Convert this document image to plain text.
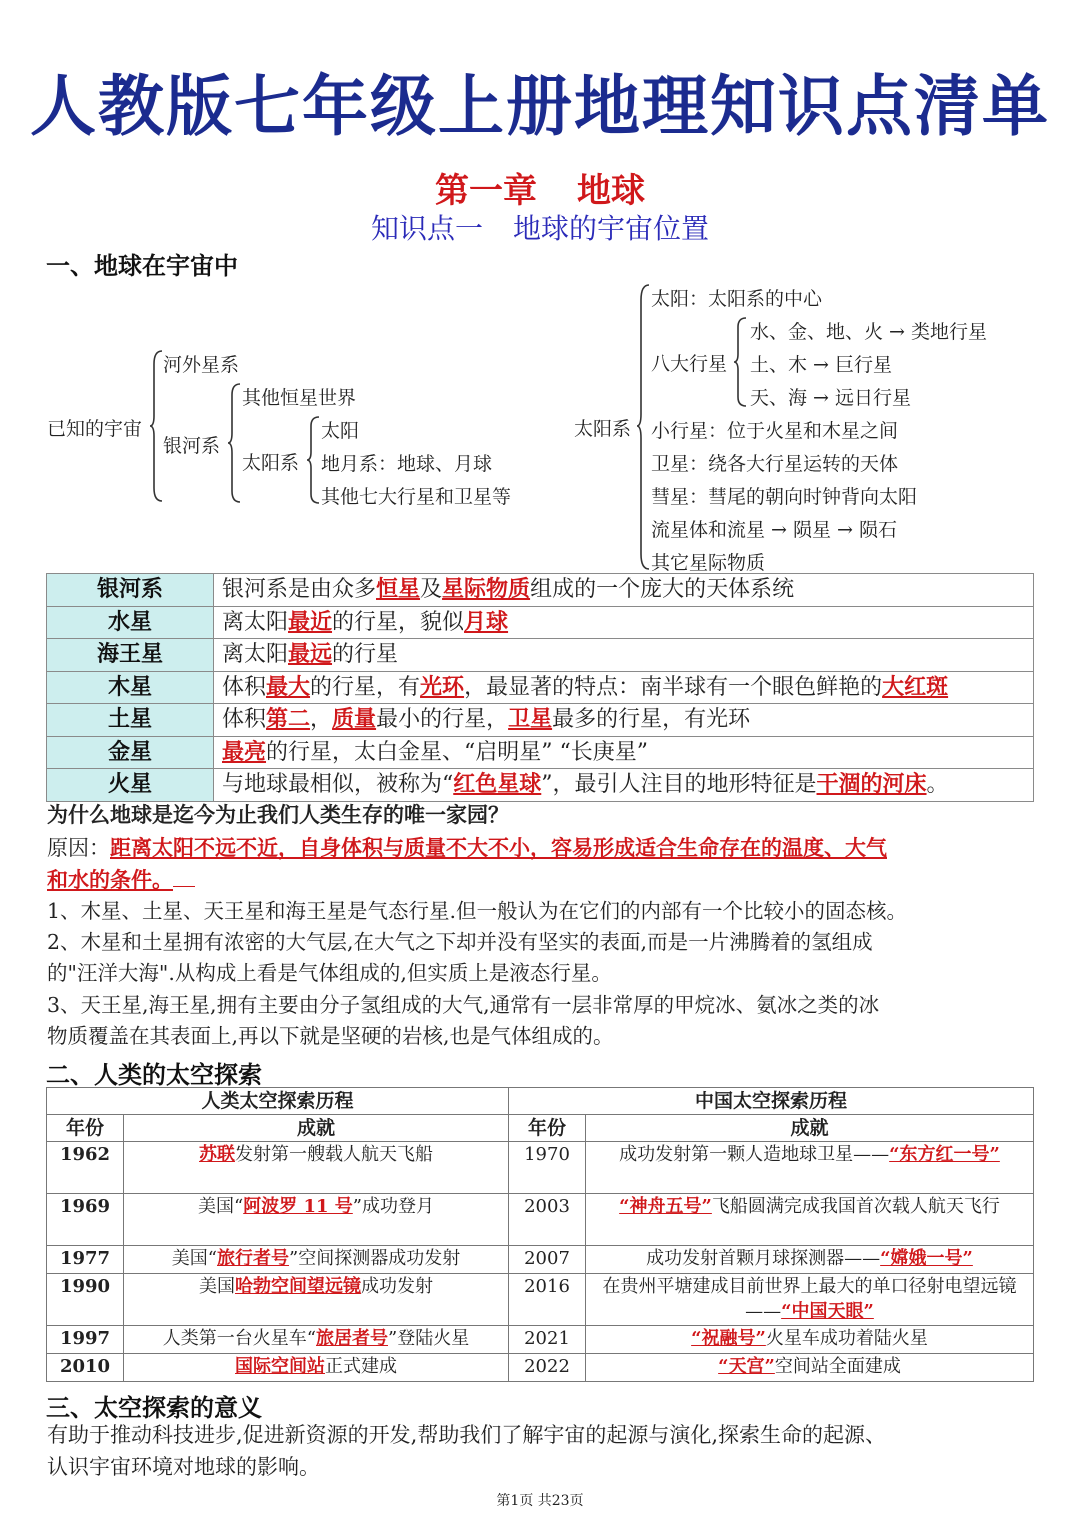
人教版七年级上册地理知识点清单
第一章 地球
知识点一 地球的宇宙位置
一、地球在宇宙中
已知的宇宙
河外星系
银河系
其他恒星世界
太阳系
太阳
地月系：地球、月球
其他七大行星和卫星等
太阳系
太阳：太阳系的中心
八大行星
水、金、地、火 → 类地行星
土、木 → 巨行星
天、海 → 远日行星
小行星：位于火星和木星之间
卫星：绕各大行星运转的天体
彗星：彗尾的朝向时钟背向太阳
流星体和流星 → 陨星 → 陨石
其它星际物质
银河系	银河系是由众多恒星及星际物质组成的一个庞大的天体系统
水星	离太阳最近的行星，貌似月球
海王星	离太阳最远的行星
木星	体积最大的行星，有光环，最显著的特点：南半球有一个眼色鲜艳的大红斑
土星	体积第二，质量最小的行星，卫星最多的行星，有光环
金星	最亮的行星，太白金星、“启明星” “长庚星”
火星	与地球最相似，被称为“红色星球”，最引人注目的地形特征是干涸的河床。
为什么地球是迄今为止我们人类生存的唯一家园？
原因：距离太阳不远不近，自身体积与质量不大不小，容易形成适合生命存在的温度、大气
和水的条件。
1、木星、土星、天王星和海王星是气态行星.但一般认为在它们的内部有一个比较小的固态核。
2、木星和土星拥有浓密的大气层,在大气之下却并没有坚实的表面,而是一片沸腾着的氢组成
的"汪洋大海".从构成上看是气体组成的,但实质上是液态行星。
3、天王星,海王星,拥有主要由分子氢组成的大气,通常有一层非常厚的甲烷冰、氨冰之类的冰
物质覆盖在其表面上,再以下就是坚硬的岩核,也是气体组成的。
二、人类的太空探索
人类太空探索历程		中国太空探索历程	
年份	成就	年份	成就
1962	苏联发射第一艘载人航天飞船	1970	成功发射第一颗人造地球卫星——“东方红一号”
1969	美国“阿波罗 11 号”成功登月	2003	“神舟五号”飞船圆满完成我国首次载人航天飞行
1977	美国“旅行者号”空间探测器成功发射	2007	成功发射首颗月球探测器——“嫦娥一号”
1990	美国哈勃空间望远镜成功发射	2016	在贵州平塘建成目前世界上最大的单口径射电望远镜——“中国天眼”
1997	人类第一台火星车“旅居者号”登陆火星	2021	“祝融号”火星车成功着陆火星
2010	国际空间站正式建成	2022	“天宫”空间站全面建成
三、太空探索的意义
有助于推动科技进步,促进新资源的开发,帮助我们了解宇宙的起源与演化,探索生命的起源、
认识宇宙环境对地球的影响。
第1页 共23页
